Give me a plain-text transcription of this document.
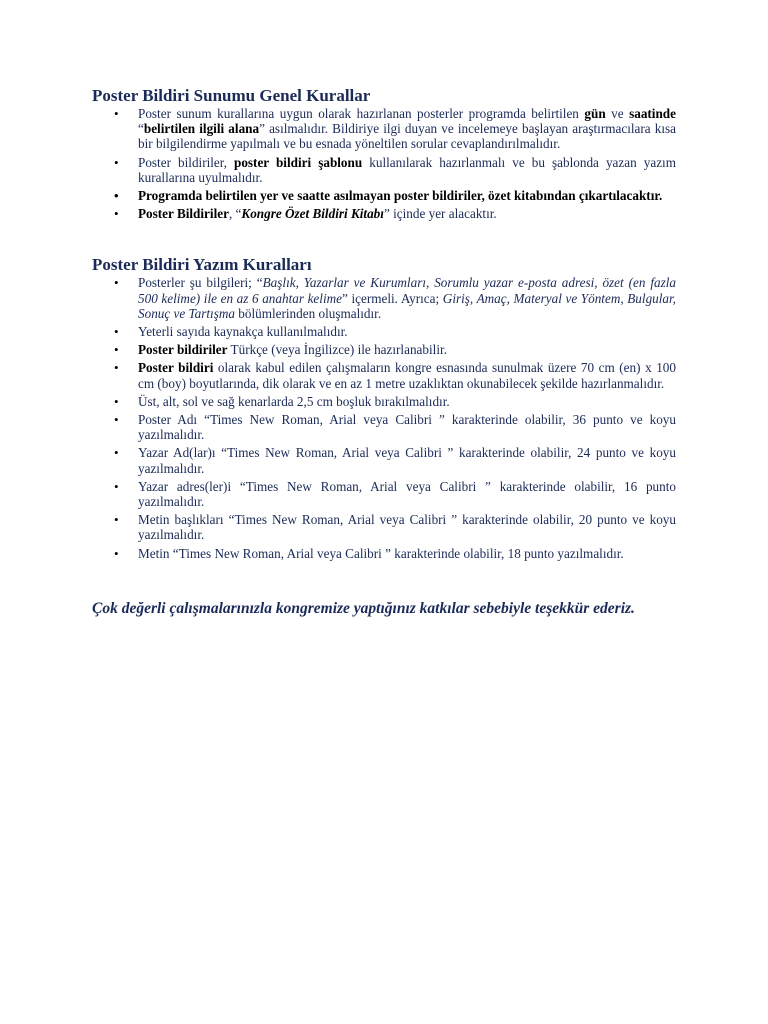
Poster Bildiri Sunumu Genel Kurallar
• Poster sunum kurallarına uygun olarak hazırlanan posterler programda belirtilen gün ve saatinde “belirtilen ilgili alana” asılmalıdır. Bildiriye ilgi duyan ve incelemeye başlayan araştırmacılara kısa bir bilgilendirme yapılmalı ve bu esnada yöneltilen sorular cevaplandırılmalıdır.
• Poster bildiriler, poster bildiri şablonu kullanılarak hazırlanmalı ve bu şablonda yazan yazım kurallarına uyulmalıdır.
• Programda belirtilen yer ve saatte asılmayan poster bildiriler, özet kitabından çıkartılacaktır.
• Poster Bildiriler, “Kongre Özet Bildiri Kitabı” içinde yer alacaktır.
Poster Bildiri Yazım Kuralları
• Posterler şu bilgileri; “Başlık, Yazarlar ve Kurumları, Sorumlu yazar e-posta adresi, özet (en fazla 500 kelime) ile en az 6 anahtar kelime” içermeli. Ayrıca; Giriş, Amaç, Materyal ve Yöntem, Bulgular, Sonuç ve Tartışma bölümlerinden oluşmalıdır.
• Yeterli sayıda kaynakça kullanılmalıdır.
• Poster bildiriler Türkçe (veya İngilizce) ile hazırlanabilir.
• Poster bildiri olarak kabul edilen çalışmaların kongre esnasında sunulmak üzere 70 cm (en) x 100 cm (boy) boyutlarında, dik olarak ve en az 1 metre uzaklıktan okunabilecek şekilde hazırlanmalıdır.
• Üst, alt, sol ve sağ kenarlarda 2,5 cm boşluk bırakılmalıdır.
• Poster Adı “Times New Roman, Arial veya Calibri ” karakterinde olabilir, 36 punto ve koyu yazılmalıdır.
• Yazar Ad(lar)ı “Times New Roman, Arial veya Calibri ” karakterinde olabilir, 24 punto ve koyu yazılmalıdır.
• Yazar adres(ler)i “Times New Roman, Arial veya Calibri ” karakterinde olabilir, 16 punto yazılmalıdır.
• Metin başlıkları “Times New Roman, Arial veya Calibri ” karakterinde olabilir, 20 punto ve koyu yazılmalıdır.
• Metin “Times New Roman, Arial veya Calibri ” karakterinde olabilir, 18 punto yazılmalıdır.

Çok değerli çalışmalarınızla kongremize yaptığınız katkılar sebebiyle teşekkür ederiz.
